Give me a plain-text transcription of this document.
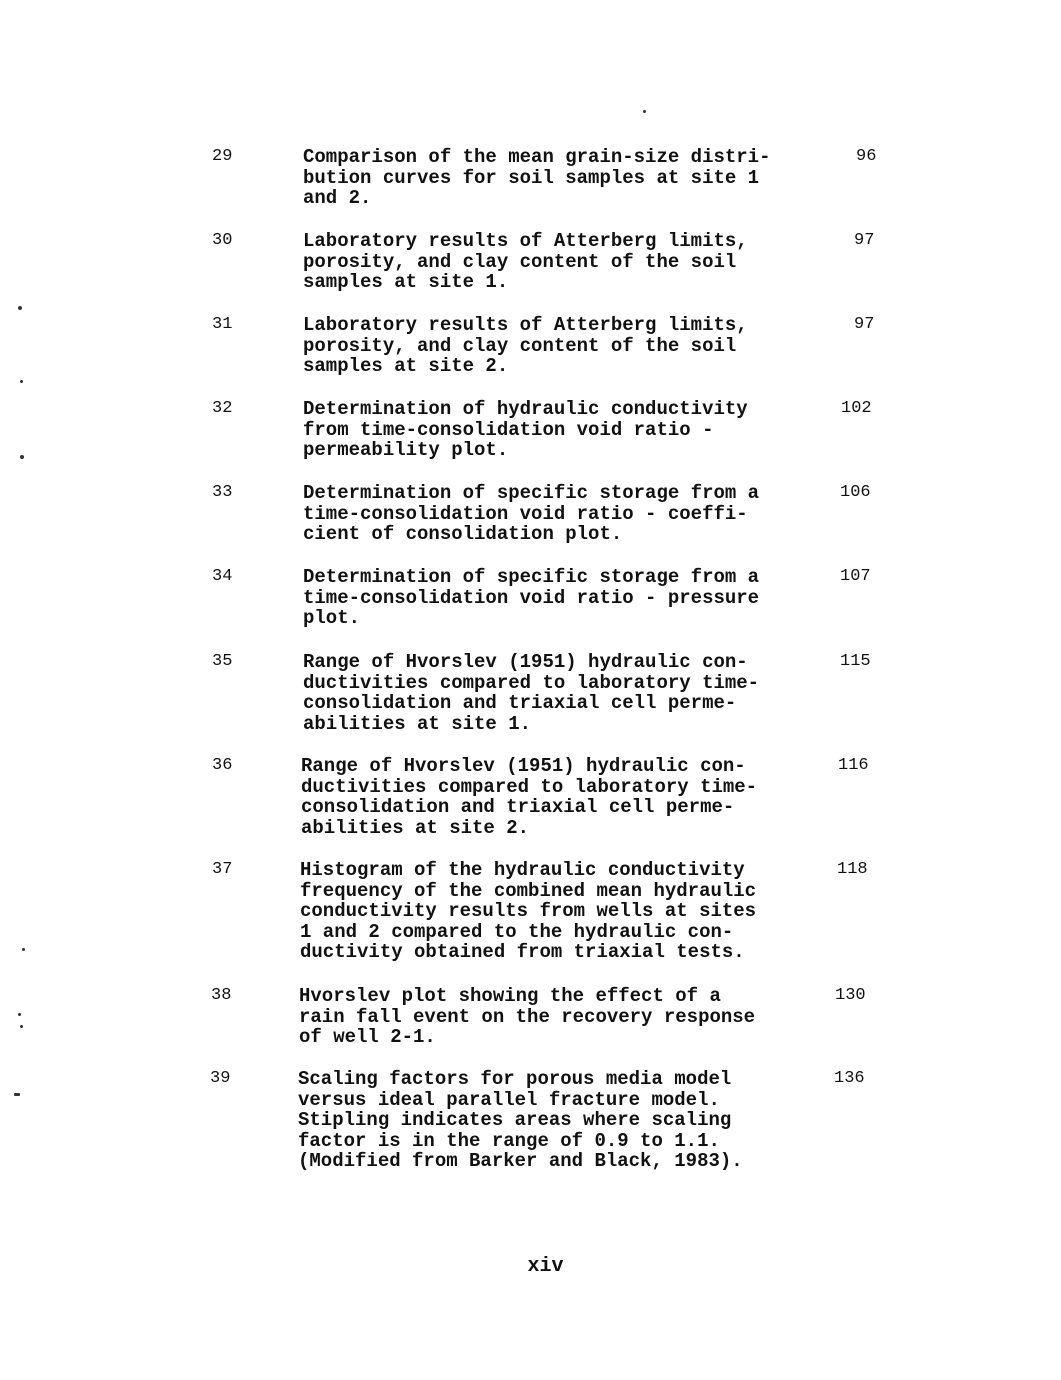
29	Comparison of the mean grain-size distri-
bution curves for soil samples at site 1
and 2.
96
30	Laboratory results of Atterberg limits,
porosity, and clay content of the soil
samples at site 1.
97
31	Laboratory results of Atterberg limits,
porosity, and clay content of the soil
samples at site 2.
97
32	Determination of hydraulic conductivity
from time-consolidation void ratio -
permeability plot.
102
33	Determination of specific storage from a
time-consolidation void ratio - coeffi-
cient of consolidation plot.
106
34	Determination of specific storage from a
time-consolidation void ratio - pressure
plot.
107
35	Range of Hvorslev (1951) hydraulic con-
ductivities compared to laboratory time-
consolidation and triaxial cell perme-
abilities at site 1.
115
36	Range of Hvorslev (1951) hydraulic con-
ductivities compared to laboratory time-
consolidation and triaxial cell perme-
abilities at site 2.
116
37	Histogram of the hydraulic conductivity
frequency of the combined mean hydraulic
conductivity results from wells at sites
1 and 2 compared to the hydraulic con-
ductivity obtained from triaxial tests.
118
38	Hvorslev plot showing the effect of a
rain fall event on the recovery response
of well 2-1.
130
39	Scaling factors for porous media model
versus ideal parallel fracture model.
Stipling indicates areas where scaling
factor is in the range of 0.9 to 1.1.
(Modified from Barker and Black, 1983).
136
xiv
